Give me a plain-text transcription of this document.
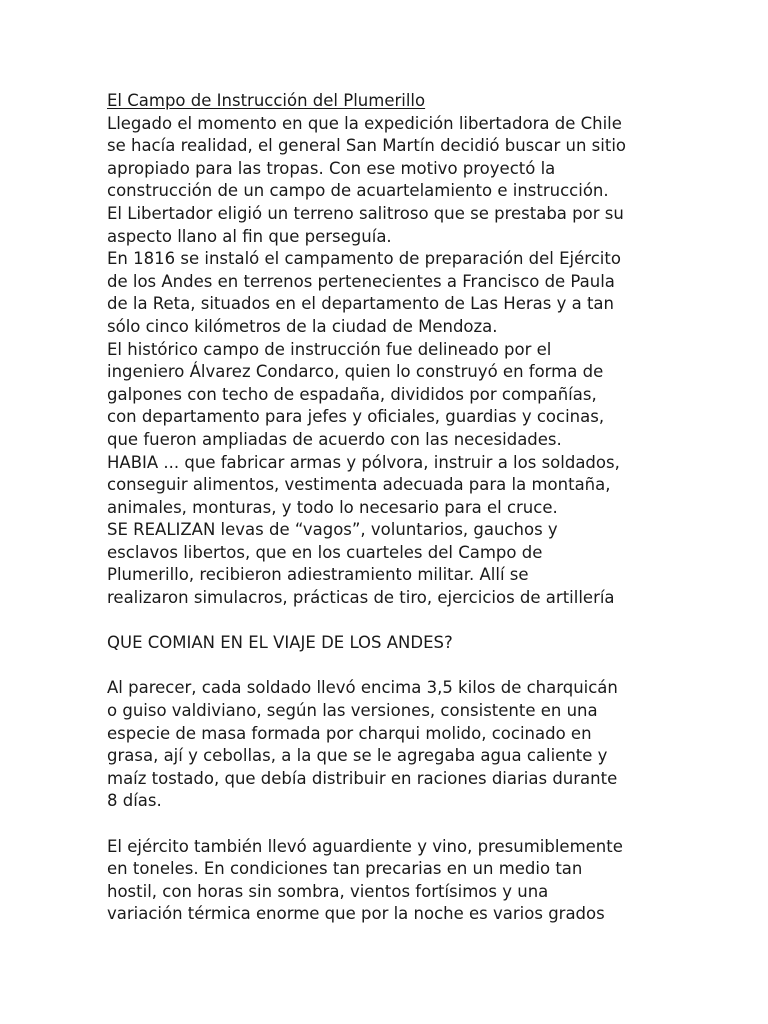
El Campo de Instrucción del Plumerillo
Llegado el momento en que la expedición libertadora de Chile
se hacía realidad, el general San Martín decidió buscar un sitio
apropiado para las tropas. Con ese motivo proyectó la
construcción de un campo de acuartelamiento e instrucción.
El Libertador eligió un terreno salitroso que se prestaba por su
aspecto llano al fin que perseguía.
En 1816 se instaló el campamento de preparación del Ejército
de los Andes en terrenos pertenecientes a Francisco de Paula
de la Reta, situados en el departamento de Las Heras y a tan
sólo cinco kilómetros de la ciudad de Mendoza.
El histórico campo de instrucción fue delineado por el
ingeniero Álvarez Condarco, quien lo construyó en forma de
galpones con techo de espadaña, divididos por compañías,
con departamento para jefes y oficiales, guardias y cocinas,
que fueron ampliadas de acuerdo con las necesidades.
HABIA ... que fabricar armas y pólvora, instruir a los soldados,
conseguir alimentos, vestimenta adecuada para la montaña,
animales, monturas, y todo lo necesario para el cruce.
SE REALIZAN levas de “vagos”, voluntarios, gauchos y
esclavos libertos, que en los cuarteles del Campo de
Plumerillo, recibieron adiestramiento militar. Allí se
realizaron simulacros, prácticas de tiro, ejercicios de artillería
QUE COMIAN EN EL VIAJE DE LOS ANDES?
Al parecer, cada soldado llevó encima 3,5 kilos de charquicán
o guiso valdiviano, según las versiones, consistente en una
especie de masa formada por charqui molido, cocinado en
grasa, ají y cebollas, a la que se le agregaba agua caliente y
maíz tostado, que debía distribuir en raciones diarias durante
8 días.
El ejército también llevó aguardiente y vino, presumiblemente
en toneles. En condiciones tan precarias en un medio tan
hostil, con horas sin sombra, vientos fortísimos y una
variación térmica enorme que por la noche es varios grados
